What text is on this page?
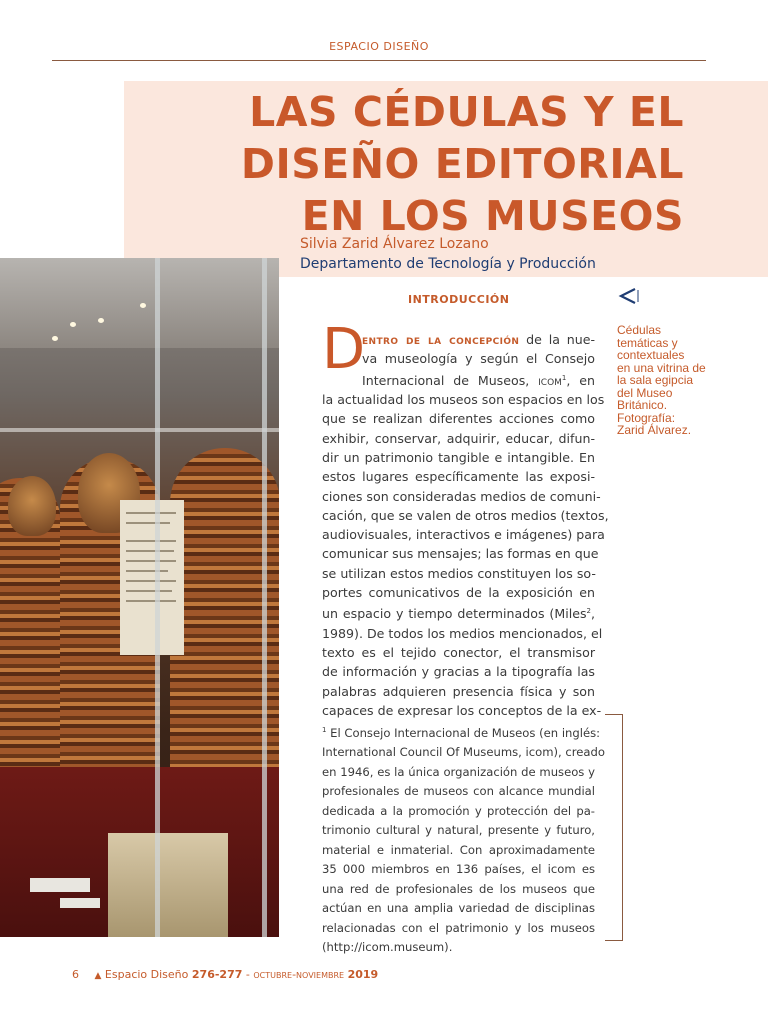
ESPACIO DISEÑO
LAS CÉDULAS Y EL
DISEÑO EDITORIAL
EN LOS MUSEOS
Silvia Zarid Álvarez Lozano
Departamento de Tecnología y Producción
INTRODUCCIÓN
Cédulas
temáticas y
contextuales
en una vitrina de
la sala egipcia
del Museo
Británico.
Fotografía:
Zarid Álvarez.
D
entro de la concepción de la nue-
va museología y según el Consejo
Internacional de Museos, icom$^1$, en
la actualidad los museos son espacios en los
que se realizan diferentes acciones como
exhibir, conservar, adquirir, educar, difun-
dir un patrimonio tangible e intangible. En
estos lugares específicamente las exposi-
ciones son consideradas medios de comuni-
cación, que se valen de otros medios (textos,
audiovisuales, interactivos e imágenes) para
comunicar sus mensajes; las formas en que
se utilizan estos medios constituyen los so-
portes comunicativos de la exposición en
un espacio y tiempo determinados (Miles$^2$,
1989). De todos los medios mencionados, el
texto es el tejido conector, el transmisor
de información y gracias a la tipografía las
palabras adquieren presencia física y son
capaces de expresar los conceptos de la ex-
$^1$ El Consejo Internacional de Museos (en inglés:
International Council Of Museums, icom), creado
en 1946, es la única organización de museos y
profesionales de museos con alcance mundial
dedicada a la promoción y protección del pa-
trimonio cultural y natural, presente y futuro,
material e inmaterial. Con aproximadamente
35 000 miembros en 136 países, el icom es
una red de profesionales de los museos que
actúan en una amplia variedad de disciplinas
relacionadas con el patrimonio y los museos
(http://icom.museum).
6 ▲ Espacio Diseño 276-277 - octubre-noviembre 2019
